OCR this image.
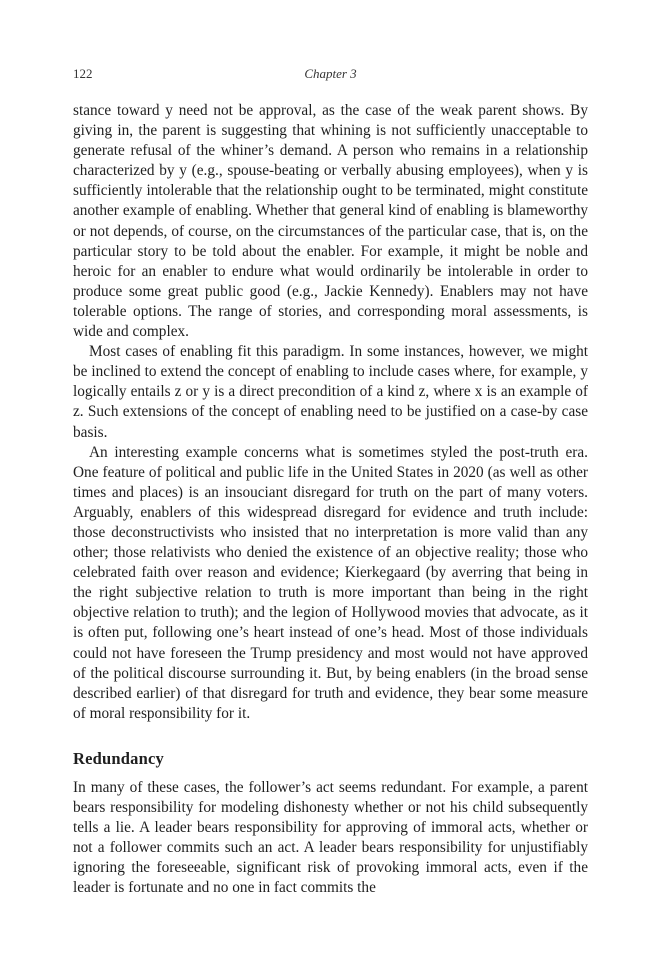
122	Chapter 3

stance toward y need not be approval, as the case of the weak parent shows. By giving in, the parent is suggesting that whining is not sufficiently unacceptable to generate refusal of the whiner’s demand. A person who remains in a relationship characterized by y (e.g., spouse-beating or verbally abusing employees), when y is sufficiently intolerable that the relationship ought to be terminated, might constitute another example of enabling. Whether that general kind of enabling is blameworthy or not depends, of course, on the circumstances of the particular case, that is, on the particular story to be told about the enabler. For example, it might be noble and heroic for an enabler to endure what would ordinarily be intolerable in order to produce some great public good (e.g., Jackie Kennedy). Enablers may not have tolerable options. The range of stories, and corresponding moral assessments, is wide and complex.

Most cases of enabling fit this paradigm. In some instances, however, we might be inclined to extend the concept of enabling to include cases where, for example, y logically entails z or y is a direct precondition of a kind z, where x is an example of z. Such extensions of the concept of enabling need to be justified on a case-by case basis.

An interesting example concerns what is sometimes styled the post-truth era. One feature of political and public life in the United States in 2020 (as well as other times and places) is an insouciant disregard for truth on the part of many voters. Arguably, enablers of this widespread disregard for evidence and truth include: those deconstructivists who insisted that no interpretation is more valid than any other; those relativists who denied the existence of an objective reality; those who celebrated faith over reason and evidence; Kierkegaard (by averring that being in the right subjective relation to truth is more important than being in the right objective relation to truth); and the legion of Hollywood movies that advocate, as it is often put, following one’s heart instead of one’s head. Most of those individuals could not have foreseen the Trump presidency and most would not have approved of the political discourse surrounding it. But, by being enablers (in the broad sense described earlier) of that disregard for truth and evidence, they bear some measure of moral responsibility for it.

Redundancy

In many of these cases, the follower’s act seems redundant. For example, a parent bears responsibility for modeling dishonesty whether or not his child subsequently tells a lie. A leader bears responsibility for approving of immoral acts, whether or not a follower commits such an act. A leader bears responsibility for unjustifiably ignoring the foreseeable, significant risk of provoking immoral acts, even if the leader is fortunate and no one in fact commits the
